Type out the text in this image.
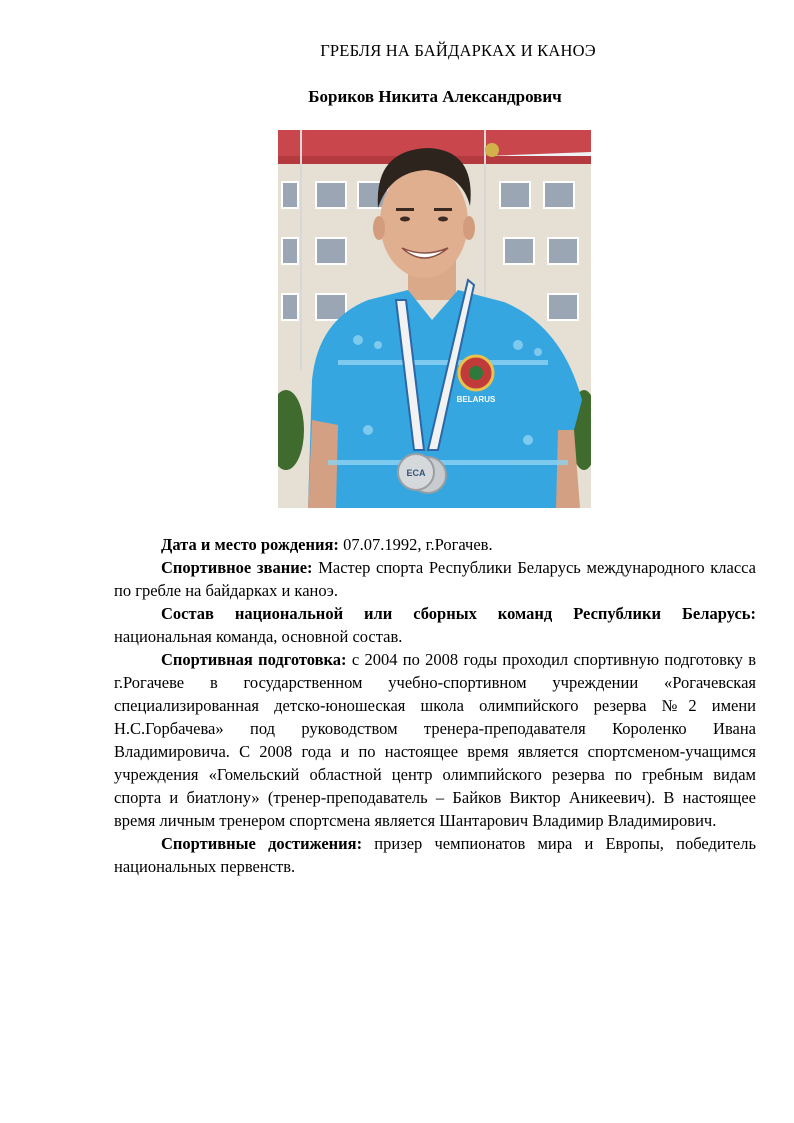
ГРЕБЛЯ НА БАЙДАРКАХ И КАНОЭ
Бориков Никита Александрович
BELARUS
ECA

Дата и место рождения: 07.07.1992, г.Рогачев.

Спортивное звание: Мастер спорта Республики Беларусь международного класса по гребле на байдарках и каноэ.

Состав национальной или сборных команд Республики Беларусь: национальная команда, основной состав.

Спортивная подготовка: с 2004 по 2008 годы проходил спортивную подготовку в г.Рогачеве в государственном учебно-спортивном учреждении «Рогачевская специализированная детско-юношеская школа олимпийского резерва №2 имени Н.С.Горбачева» под руководством тренера-преподавателя Короленко Ивана Владимировича. С 2008 года и по настоящее время является спортсменом-учащимся учреждения «Гомельский областной центр олимпийского резерва по гребным видам спорта и биатлону» (тренер-преподаватель – Байков Виктор Аникеевич). В настоящее время личным тренером спортсмена является Шантарович Владимир Владимирович.

Спортивные достижения: призер чемпионатов мира и Европы, победитель национальных первенств.
